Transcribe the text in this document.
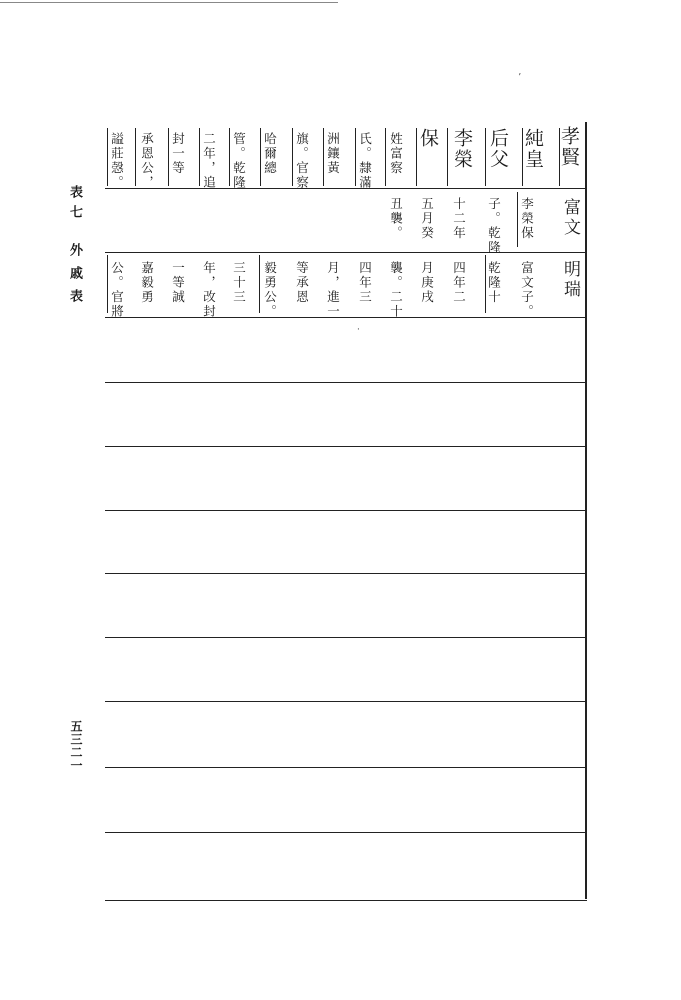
表七
外戚表
五三二一
孝賢
純皇
后父
李榮
保
富文
明瑞
姓富察
氏。隸滿
洲鑲黃
旗。官察
哈爾總
管。乾隆
二年，追
封一等
承恩公，
謚莊愨。
李榮保
子。乾隆
十二年
五月癸
丑襲。
富文子。
乾隆十
四年二
月庚戌
襲。二十
四年三
月，進一
等承恩
毅勇公。
三十三
年，改封
一等誠
嘉毅勇
公。官將
ʼ
·
